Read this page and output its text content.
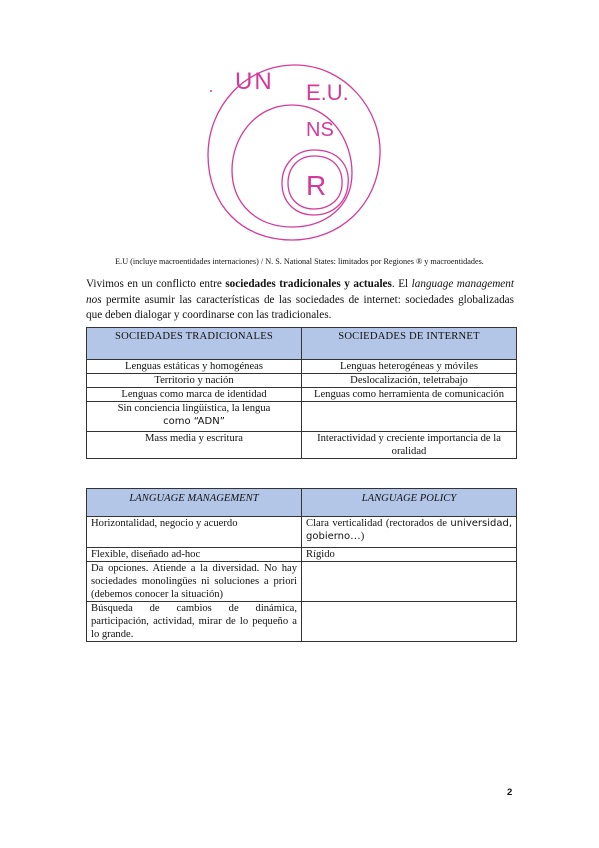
UN E.U.
NS
R
E.U (incluye macroentidades internaciones) / N. S. National States: limitados por Regiones ® y macroentidades.
Vivimos en un conflicto entre sociedades tradicionales y actuales. El language management nos permite asumir las características de las sociedades de internet: sociedades globalizadas que deben dialogar y coordinarse con las tradicionales.
SOCIEDADES TRADICIONALES	SOCIEDADES DE INTERNET
Lenguas estáticas y homogéneas	Lenguas heterogéneas y móviles
Territorio y nación	Deslocalización, teletrabajo
Lenguas como marca de identidad	Lenguas como herramienta de comunicación
Sin conciencia lingüística, la lengua
como “ADN”	
Mass media y escritura	Interactividad y creciente importancia de la oralidad
LANGUAGE MANAGEMENT	LANGUAGE POLICY
Horizontalidad, negocio y acuerdo	Clara verticalidad (rectorados de universidad, gobierno…)
Flexible, diseñado ad-hoc	Rígido
Da opciones. Atiende a la diversidad. No hay sociedades monolingües ni soluciones a priori (debemos conocer la situación)	
Búsqueda de cambios de dinámica, participación, actividad, mirar de lo pequeño a lo grande.	
2
